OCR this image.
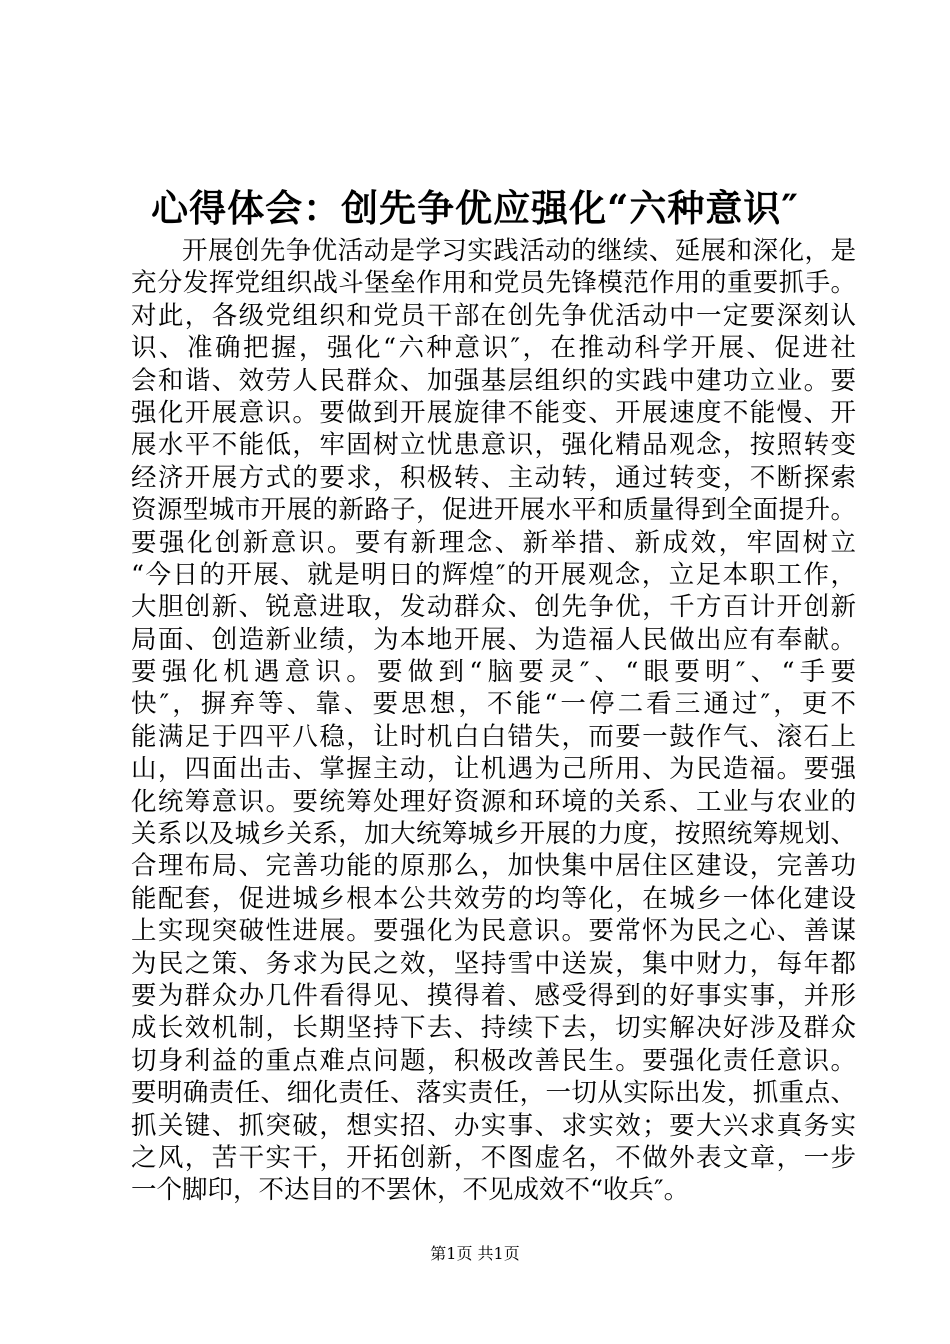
心得体会：创先争优应强化“六种意识″
开展创先争优活动是学习实践活动的继续、延展和深化，是
充分发挥党组织战斗堡垒作用和党员先锋模范作用的重要抓手。
对此，各级党组织和党员干部在创先争优活动中一定要深刻认
识、准确把握，强化“六种意识″，在推动科学开展、促进社
会和谐、效劳人民群众、加强基层组织的实践中建功立业。要
强化开展意识。要做到开展旋律不能变、开展速度不能慢、开
展水平不能低，牢固树立忧患意识，强化精品观念，按照转变
经济开展方式的要求，积极转、主动转，通过转变，不断探索
资源型城市开展的新路子，促进开展水平和质量得到全面提升。
要强化创新意识。要有新理念、新举措、新成效，牢固树立
“今日的开展、就是明日的辉煌″的开展观念，立足本职工作，
大胆创新、锐意进取，发动群众、创先争优，千方百计开创新
局面、创造新业绩，为本地开展、为造福人民做出应有奉献。
要强化机遇意识。要做到“脑要灵″、“眼要明″、“手要
快″，摒弃等、靠、要思想，不能“一停二看三通过″，更不
能满足于四平八稳，让时机白白错失，而要一鼓作气、滚石上
山，四面出击、掌握主动，让机遇为己所用、为民造福。要强
化统筹意识。要统筹处理好资源和环境的关系、工业与农业的
关系以及城乡关系，加大统筹城乡开展的力度，按照统筹规划、
合理布局、完善功能的原那么，加快集中居住区建设，完善功
能配套，促进城乡根本公共效劳的均等化，在城乡一体化建设
上实现突破性进展。要强化为民意识。要常怀为民之心、善谋
为民之策、务求为民之效，坚持雪中送炭，集中财力，每年都
要为群众办几件看得见、摸得着、感受得到的好事实事，并形
成长效机制，长期坚持下去、持续下去，切实解决好涉及群众
切身利益的重点难点问题，积极改善民生。要强化责任意识。
要明确责任、细化责任、落实责任，一切从实际出发，抓重点、
抓关键、抓突破，想实招、办实事、求实效；要大兴求真务实
之风，苦干实干，开拓创新，不图虚名，不做外表文章，一步
一个脚印，不达目的不罢休，不见成效不“收兵″。
第1页 共1页
